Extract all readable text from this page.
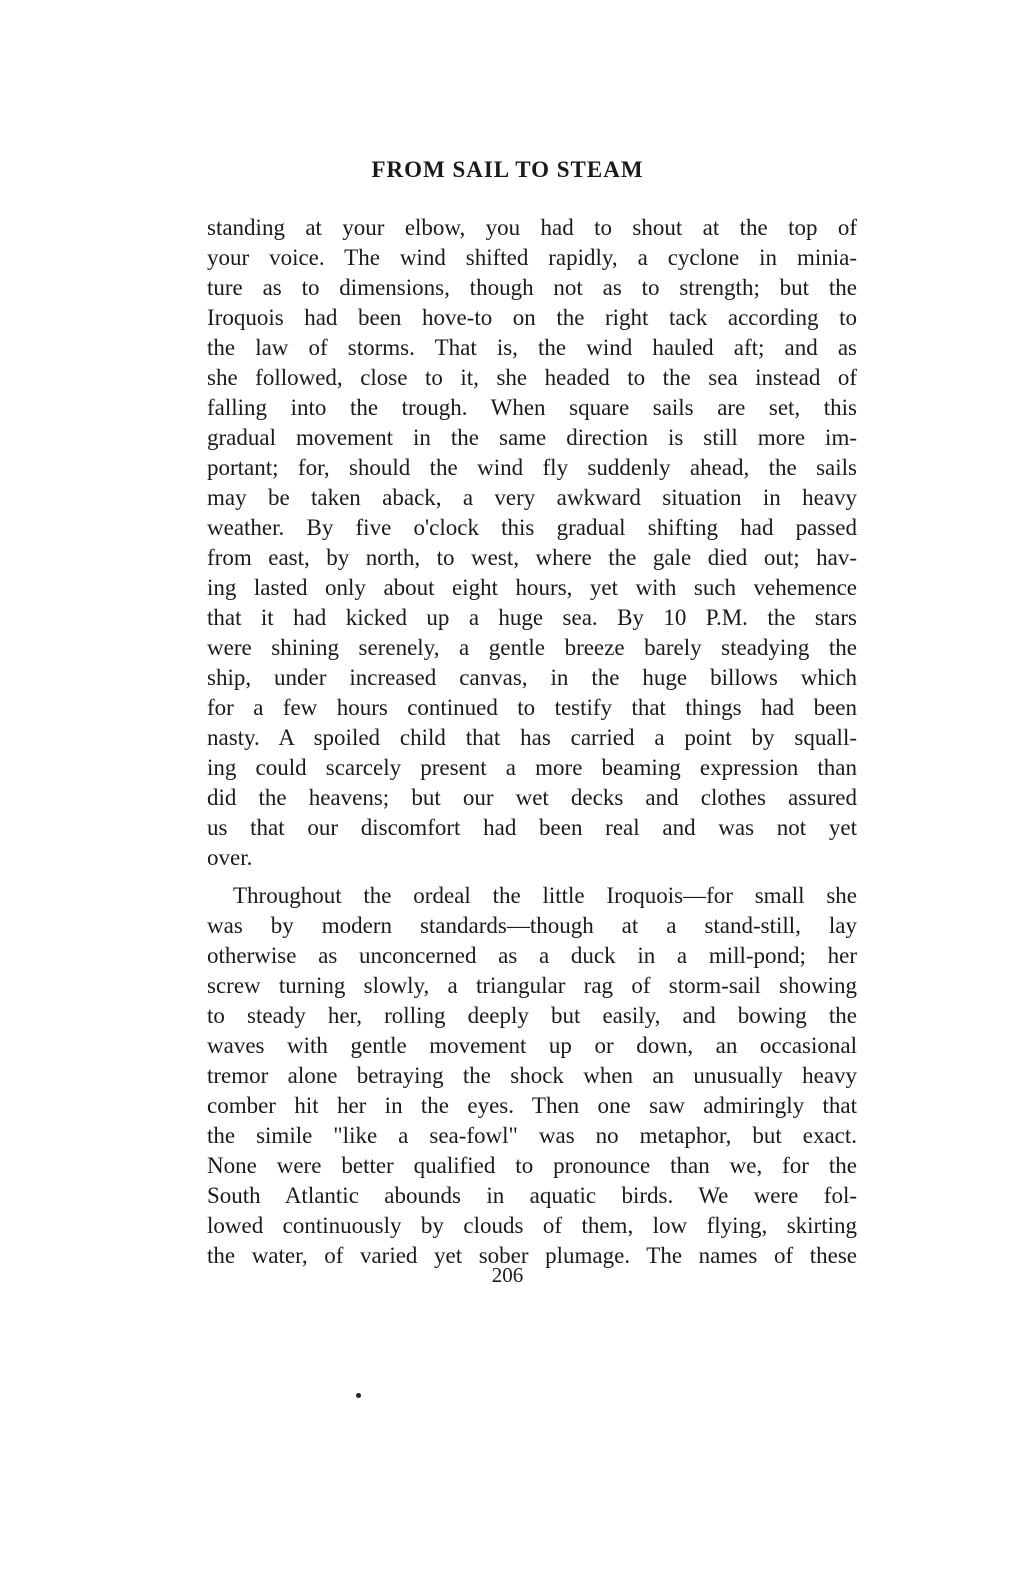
FROM SAIL TO STEAM
standing at your elbow, you had to shout at the top of
your voice. The wind shifted rapidly, a cyclone in minia-
ture as to dimensions, though not as to strength; but the
Iroquois had been hove-to on the right tack according to
the law of storms. That is, the wind hauled aft; and as
she followed, close to it, she headed to the sea instead of
falling into the trough. When square sails are set, this
gradual movement in the same direction is still more im-
portant; for, should the wind fly suddenly ahead, the sails
may be taken aback, a very awkward situation in heavy
weather. By five o'clock this gradual shifting had passed
from east, by north, to west, where the gale died out; hav-
ing lasted only about eight hours, yet with such vehemence
that it had kicked up a huge sea. By 10 P.M. the stars
were shining serenely, a gentle breeze barely steadying the
ship, under increased canvas, in the huge billows which
for a few hours continued to testify that things had been
nasty. A spoiled child that has carried a point by squall-
ing could scarcely present a more beaming expression than
did the heavens; but our wet decks and clothes assured
us that our discomfort had been real and was not yet
over.
Throughout the ordeal the little Iroquois—for small she
was by modern standards—though at a stand-still, lay
otherwise as unconcerned as a duck in a mill-pond; her
screw turning slowly, a triangular rag of storm-sail showing
to steady her, rolling deeply but easily, and bowing the
waves with gentle movement up or down, an occasional
tremor alone betraying the shock when an unusually heavy
comber hit her in the eyes. Then one saw admiringly that
the simile "like a sea-fowl" was no metaphor, but exact.
None were better qualified to pronounce than we, for the
South Atlantic abounds in aquatic birds. We were fol-
lowed continuously by clouds of them, low flying, skirting
the water, of varied yet sober plumage. The names of these
206
